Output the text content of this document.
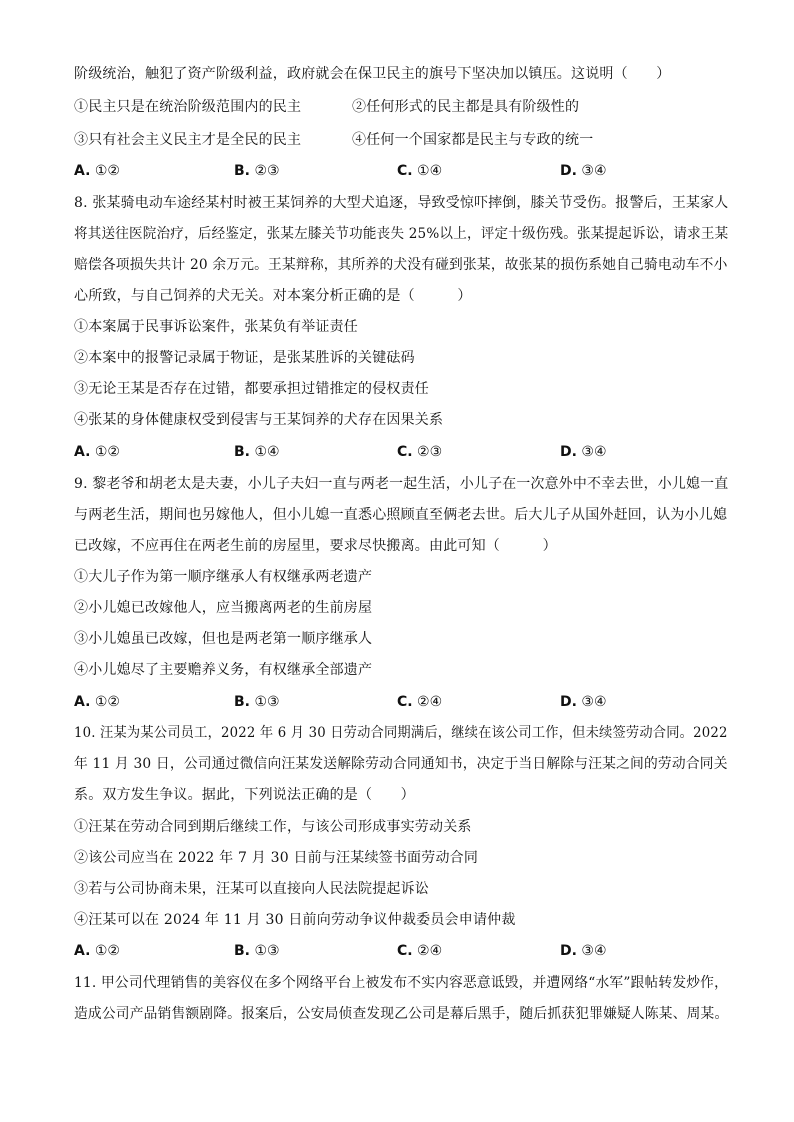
阶级统治，触犯了资产阶级利益，政府就会在保卫民主的旗号下坚决加以镇压。这说明（　　）
①民主只是在统治阶级范围内的民主	②任何形式的民主都是具有阶级性的
③只有社会主义民主才是全民的民主	④任何一个国家都是民主与专政的统一
A. ①②	B. ②③	C. ①④	D. ③④
8. 张某骑电动车途经某村时被王某饲养的大型犬追逐，导致受惊吓摔倒，膝关节受伤。报警后，王某家人
将其送往医院治疗，后经鉴定，张某左膝关节功能丧失 25%以上，评定十级伤残。张某提起诉讼，请求王某
赔偿各项损失共计 20 余万元。王某辩称，其所养的犬没有碰到张某，故张某的损伤系她自己骑电动车不小
心所致，与自己饲养的犬无关。对本案分析正确的是（　　　）
①本案属于民事诉讼案件，张某负有举证责任
②本案中的报警记录属于物证，是张某胜诉的关键砝码
③无论王某是否存在过错，都要承担过错推定的侵权责任
④张某的身体健康权受到侵害与王某饲养的犬存在因果关系
A. ①②	B. ①④	C. ②③	D. ③④
9. 黎老爷和胡老太是夫妻，小儿子夫妇一直与两老一起生活，小儿子在一次意外中不幸去世，小儿媳一直
与两老生活，期间也另嫁他人，但小儿媳一直悉心照顾直至俩老去世。后大儿子从国外赶回，认为小儿媳
已改嫁，不应再住在两老生前的房屋里，要求尽快搬离。由此可知（　　　）
①大儿子作为第一顺序继承人有权继承两老遗产
②小儿媳已改嫁他人，应当搬离两老的生前房屋
③小儿媳虽已改嫁，但也是两老第一顺序继承人
④小儿媳尽了主要赡养义务，有权继承全部遗产
A. ①②	B. ①③	C. ②④	D. ③④
10. 汪某为某公司员工，2022 年 6 月 30 日劳动合同期满后，继续在该公司工作，但未续签劳动合同。2022
年 11 月 30 日，公司通过微信向汪某发送解除劳动合同通知书，决定于当日解除与汪某之间的劳动合同关
系。双方发生争议。据此，下列说法正确的是（　　）
①汪某在劳动合同到期后继续工作，与该公司形成事实劳动关系
②该公司应当在 2022 年 7 月 30 日前与汪某续签书面劳动合同
③若与公司协商未果，汪某可以直接向人民法院提起诉讼
④汪某可以在 2024 年 11 月 30 日前向劳动争议仲裁委员会申请仲裁
A. ①②	B. ①③	C. ②④	D. ③④
11. 甲公司代理销售的美容仪在多个网络平台上被发布不实内容恶意诋毁，并遭网络“水军”跟帖转发炒作，
造成公司产品销售额剧降。报案后，公安局侦查发现乙公司是幕后黑手，随后抓获犯罪嫌疑人陈某、周某。
